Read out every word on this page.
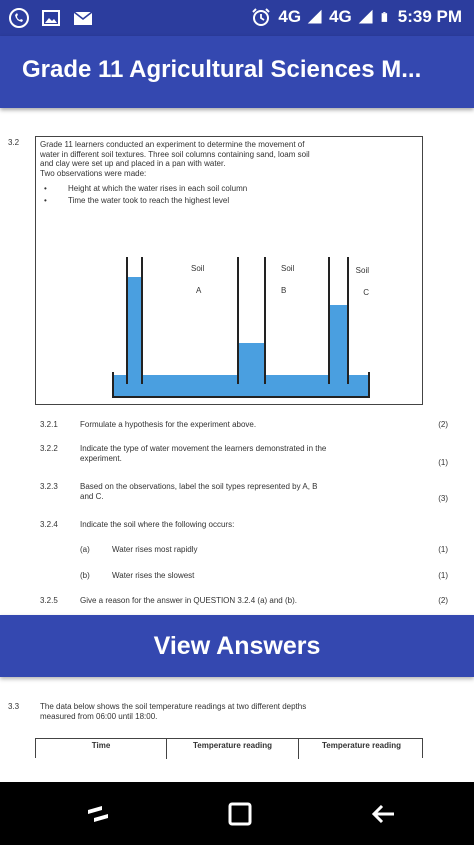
4G 4G	5:39 PM
Grade 11 Agricultural Sciences M...
3.2	Grade 11 learners conducted an experiment to determine the movement of
water in different soil textures. Three soil columns containing sand, loam soil
and clay were set up and placed in a pan with water.
Two observations were made:
•	Height at which the water rises in each soil column
•	Time the water took to reach the highest level
Soil
A
Soil
B
Soil
C
3.2.1	Formulate a hypothesis for the experiment above.	(2)
3.2.2	Indicate the type of water movement the learners demonstrated in the
experiment.	(1)
3.2.3	Based on the observations, label the soil types represented by A, B
and C.	(3)
3.2.4	Indicate the soil where the following occurs:
(a)	Water rises most rapidly	(1)
(b)	Water rises the slowest	(1)
3.2.5	Give a reason for the answer in QUESTION 3.2.4 (a) and (b).	(2)
View Answers
3.3	The data below shows the soil temperature readings at two different depths
measured from 06:00 until 18:00.
Time	Temperature reading	Temperature reading
